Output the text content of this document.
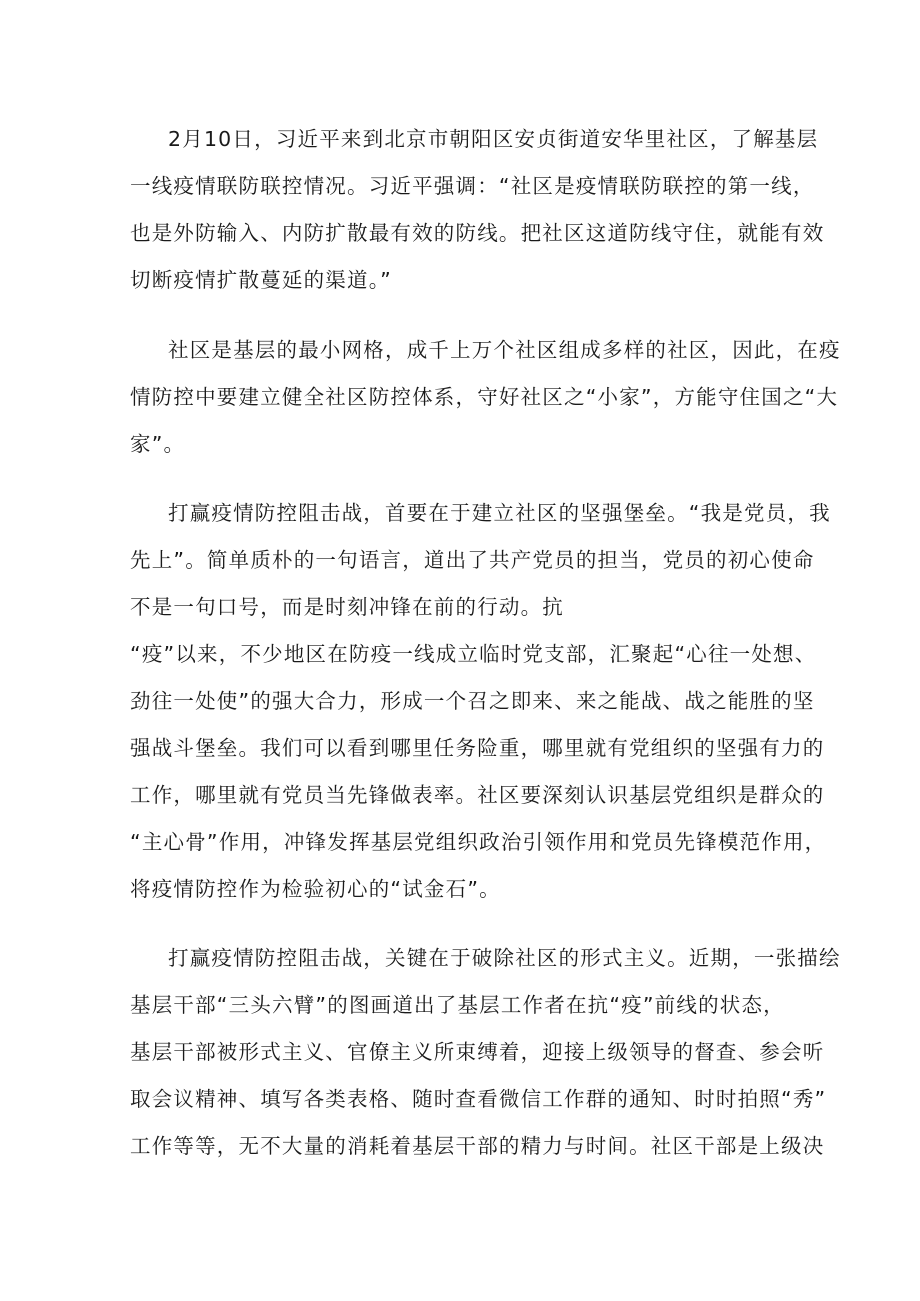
2月10日，习近平来到北京市朝阳区安贞街道安华里社区，了解基层
一线疫情联防联控情况。习近平强调：“社区是疫情联防联控的第一线，
也是外防输入、内防扩散最有效的防线。把社区这道防线守住，就能有效
切断疫情扩散蔓延的渠道。”
社区是基层的最小网格，成千上万个社区组成多样的社区，因此，在疫
情防控中要建立健全社区防控体系，守好社区之“小家”，方能守住国之“大
家”。
打赢疫情防控阻击战，首要在于建立社区的坚强堡垒。“我是党员，我
先上”。简单质朴的一句语言，道出了共产党员的担当，党员的初心使命
不是一句口号，而是时刻冲锋在前的行动。抗
“疫”以来，不少地区在防疫一线成立临时党支部，汇聚起“心往一处想、
劲往一处使”的强大合力，形成一个召之即来、来之能战、战之能胜的坚
强战斗堡垒。我们可以看到哪里任务险重，哪里就有党组织的坚强有力的
工作，哪里就有党员当先锋做表率。社区要深刻认识基层党组织是群众的
“主心骨”作用，冲锋发挥基层党组织政治引领作用和党员先锋模范作用，
将疫情防控作为检验初心的“试金石”。
打赢疫情防控阻击战，关键在于破除社区的形式主义。近期，一张描绘
基层干部“三头六臂”的图画道出了基层工作者在抗“疫”前线的状态，
基层干部被形式主义、官僚主义所束缚着，迎接上级领导的督查、参会听
取会议精神、填写各类表格、随时查看微信工作群的通知、时时拍照“秀”
工作等等，无不大量的消耗着基层干部的精力与时间。社区干部是上级决
